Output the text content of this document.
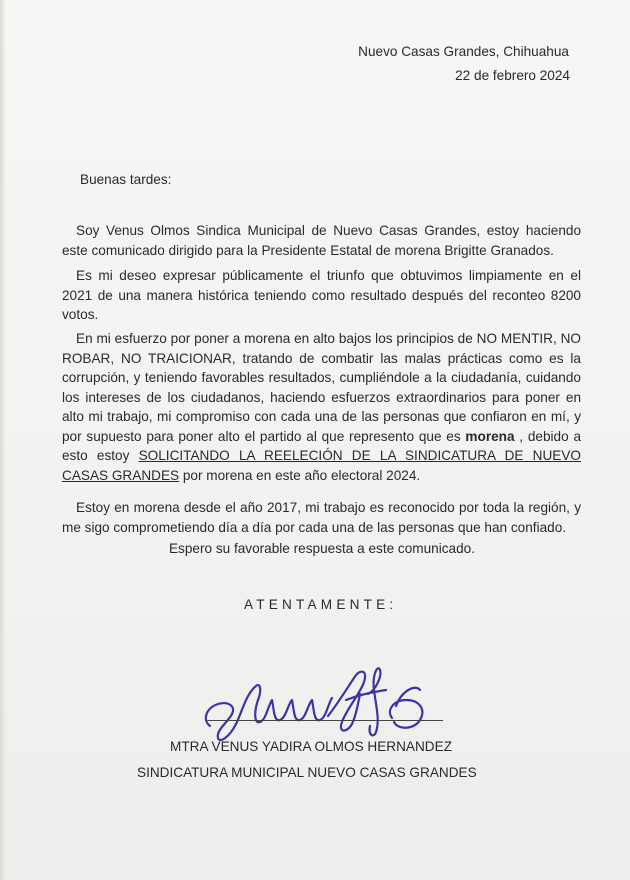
Nuevo Casas Grandes, Chihuahua

22 de febrero 2024

Buenas tardes:

Soy Venus Olmos Sindica Municipal de Nuevo Casas Grandes, estoy haciendo este comunicado dirigido para la Presidente Estatal de morena Brigitte Granados.

Es mi deseo expresar públicamente el triunfo que obtuvimos limpiamente en el 2021 de una manera histórica teniendo como resultado después del reconteo 8200 votos.

En mi esfuerzo por poner a morena en alto bajos los principios de NO MENTIR, NO ROBAR, NO TRAICIONAR, tratando de combatir las malas prácticas como es la corrupción, y teniendo favorables resultados, cumpliéndole a la ciudadanía, cuidando los intereses de los ciudadanos, haciendo esfuerzos extraordinarios para poner en alto mi trabajo, mi compromiso con cada una de las personas que confiaron en mí, y por supuesto para poner alto el partido al que represento que es morena , debido a esto estoy SOLICITANDO LA REELECIÓN DE LA SINDICATURA DE NUEVO CASAS GRANDES por morena en este año electoral 2024.

Estoy en morena desde el año 2017, mi trabajo es reconocido por toda la región, y me sigo comprometiendo día a día por cada una de las personas que han confiado.

Espero su favorable respuesta a este comunicado.

ATENTAMENTE:

MTRA VENUS YADIRA OLMOS HERNANDEZ

SINDICATURA MUNICIPAL NUEVO CASAS GRANDES
